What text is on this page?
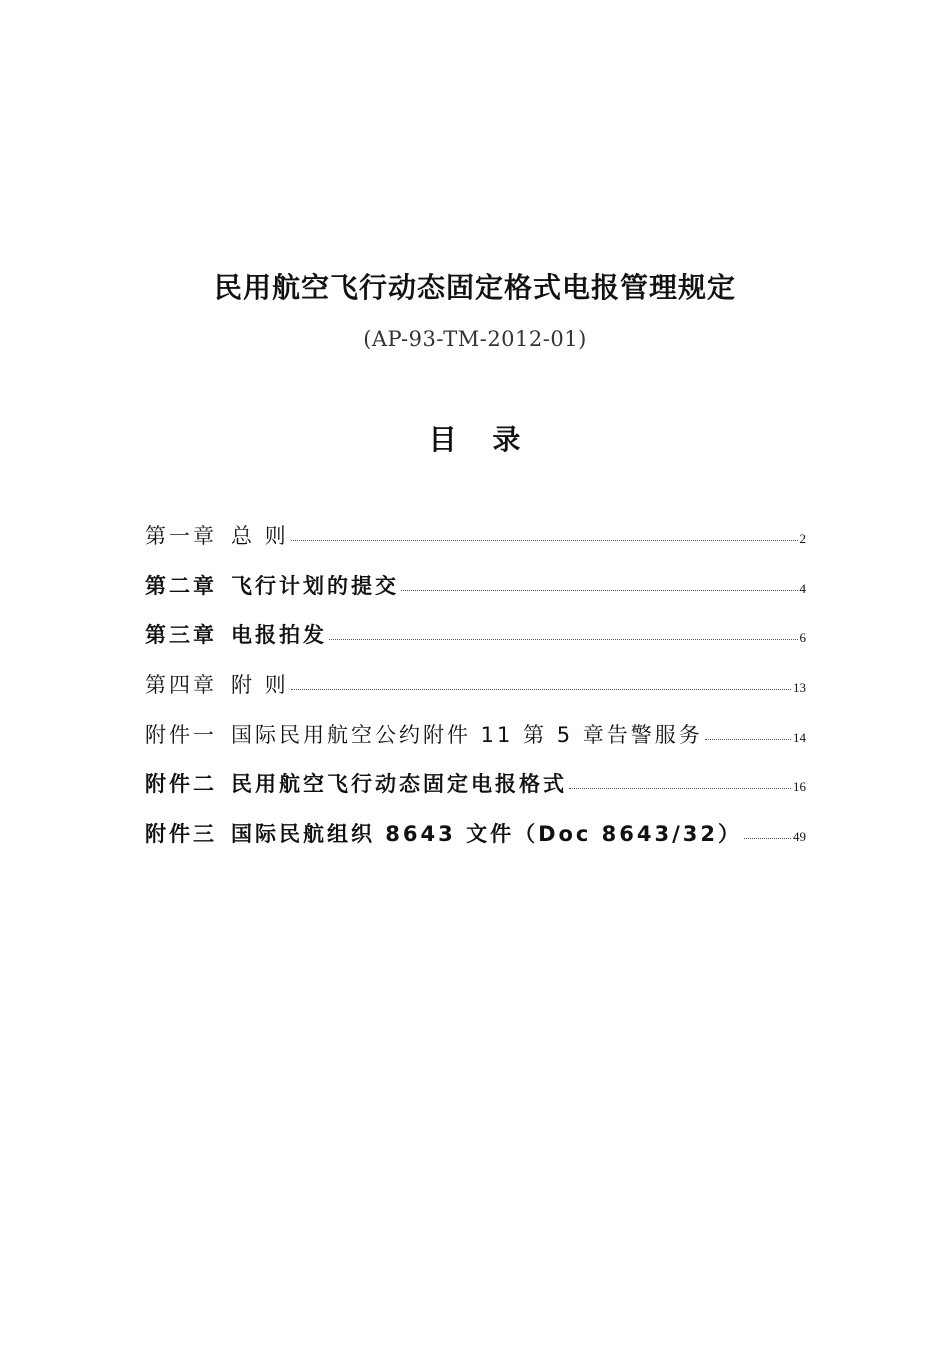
民用航空飞行动态固定格式电报管理规定
(AP-93-TM-2012-01)
目 录
第一章 总 则	2
第二章 飞行计划的提交	4
第三章 电报拍发	6
第四章 附 则	13
附件一 国际民用航空公约附件 11 第 5 章告警服务	14
附件二 民用航空飞行动态固定电报格式	16
附件三 国际民航组织 8643 文件（Doc 8643/32）	49
